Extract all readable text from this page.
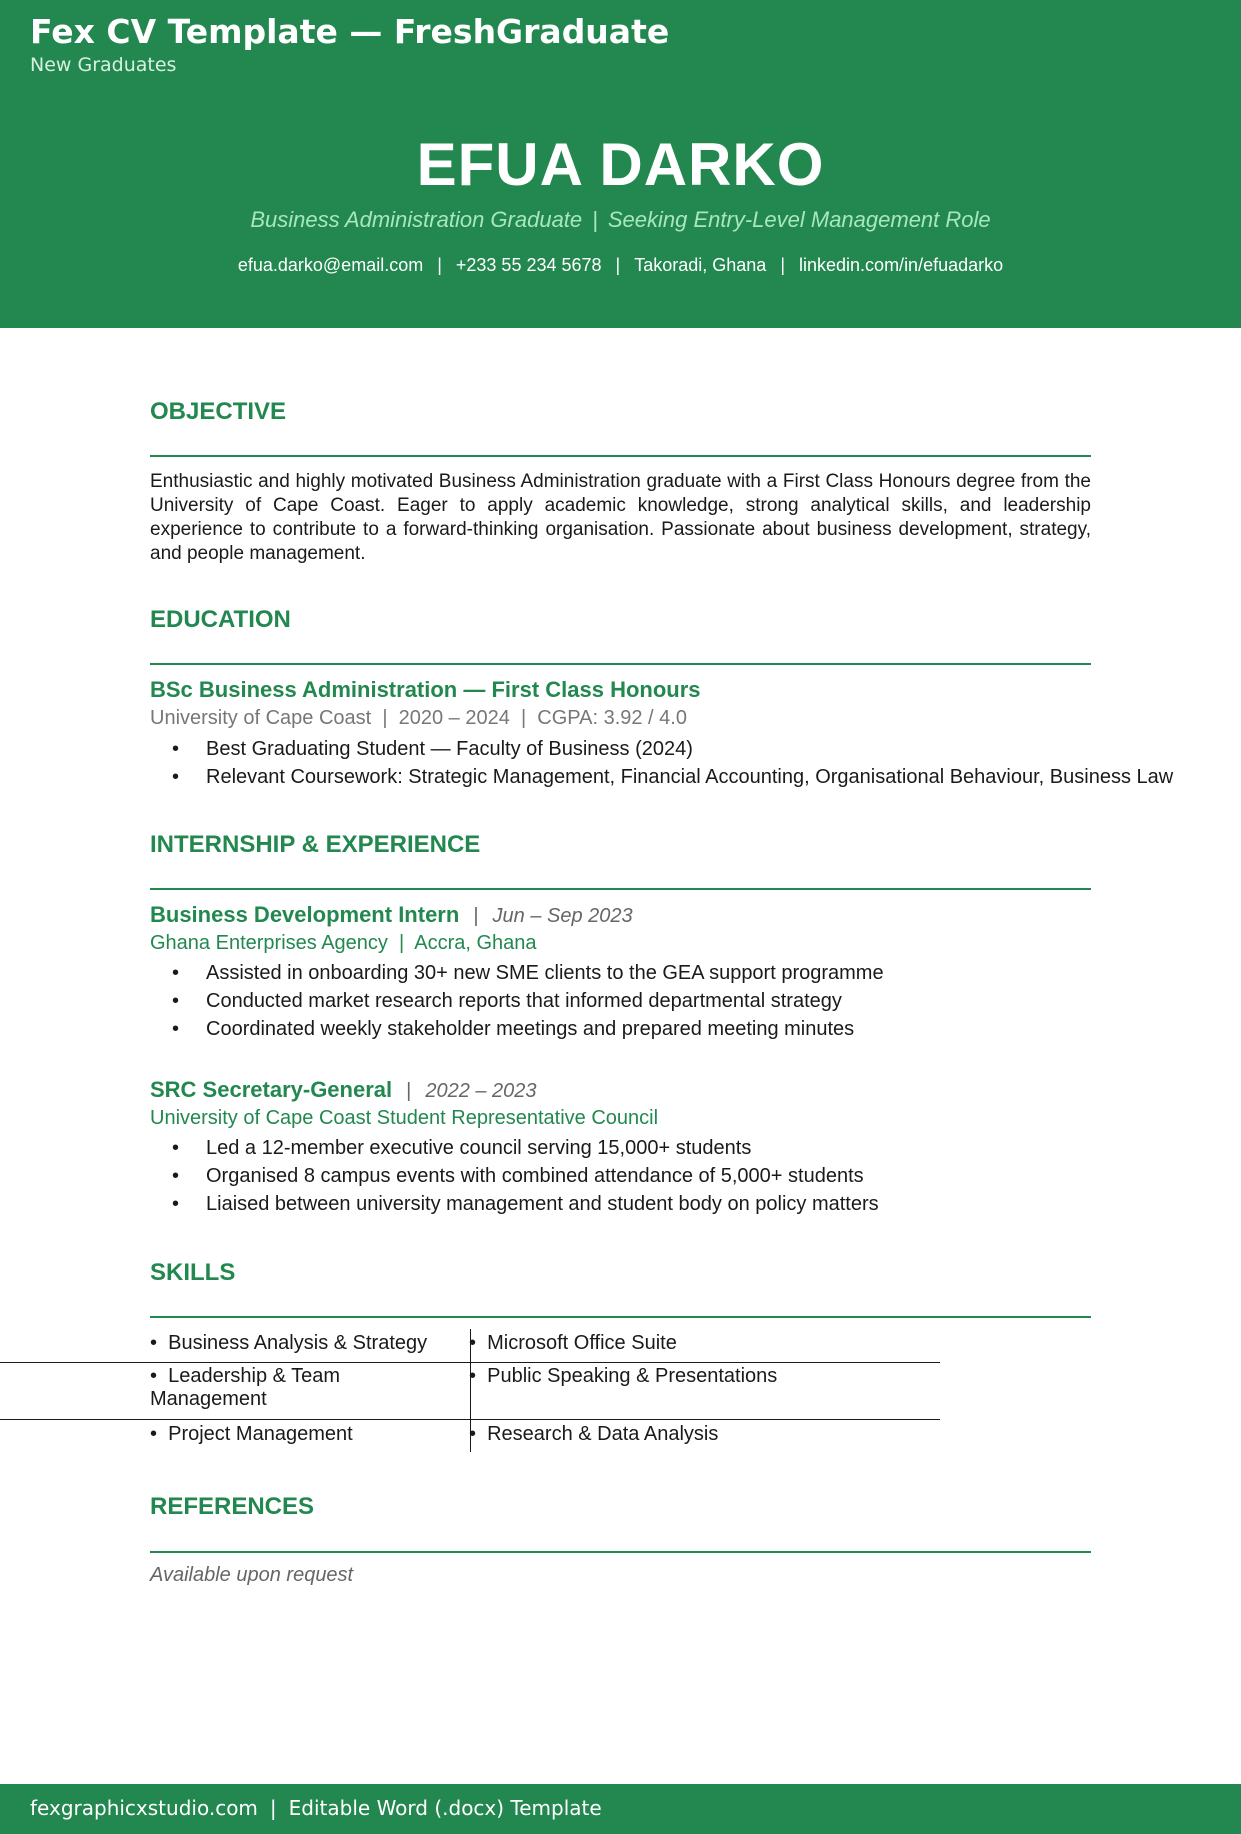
Fex CV Template — FreshGraduate
New Graduates
EFUA DARKO
Business Administration Graduate | Seeking Entry-Level Management Role
efua.darko@email.com | +233 55 234 5678 | Takoradi, Ghana | linkedin.com/in/efuadarko
OBJECTIVE
Enthusiastic and highly motivated Business Administration graduate with a First Class Honours degree from the University of Cape Coast. Eager to apply academic knowledge, strong analytical skills, and leadership experience to contribute to a forward-thinking organisation. Passionate about business development, strategy, and people management.
EDUCATION
BSc Business Administration — First Class Honours
University of Cape Coast  |  2020 – 2024  |  CGPA: 3.92 / 4.0
• Best Graduating Student — Faculty of Business (2024)
• Relevant Coursework: Strategic Management, Financial Accounting, Organisational Behaviour, Business Law
INTERNSHIP & EXPERIENCE
Business Development Intern | Jun – Sep 2023
Ghana Enterprises Agency  |  Accra, Ghana
• Assisted in onboarding 30+ new SME clients to the GEA support programme
• Conducted market research reports that informed departmental strategy
• Coordinated weekly stakeholder meetings and prepared meeting minutes
SRC Secretary-General | 2022 – 2023
University of Cape Coast Student Representative Council
• Led a 12-member executive council serving 15,000+ students
• Organised 8 campus events with combined attendance of 5,000+ students
• Liaised between university management and student body on policy matters
SKILLS
•  Business Analysis & Strategy
•  Leadership & Team Management
•  Project Management
•  Microsoft Office Suite
•  Public Speaking & Presentations
•  Research & Data Analysis
REFERENCES
Available upon request
fexgraphicxstudio.com | Editable Word (.docx) Template
